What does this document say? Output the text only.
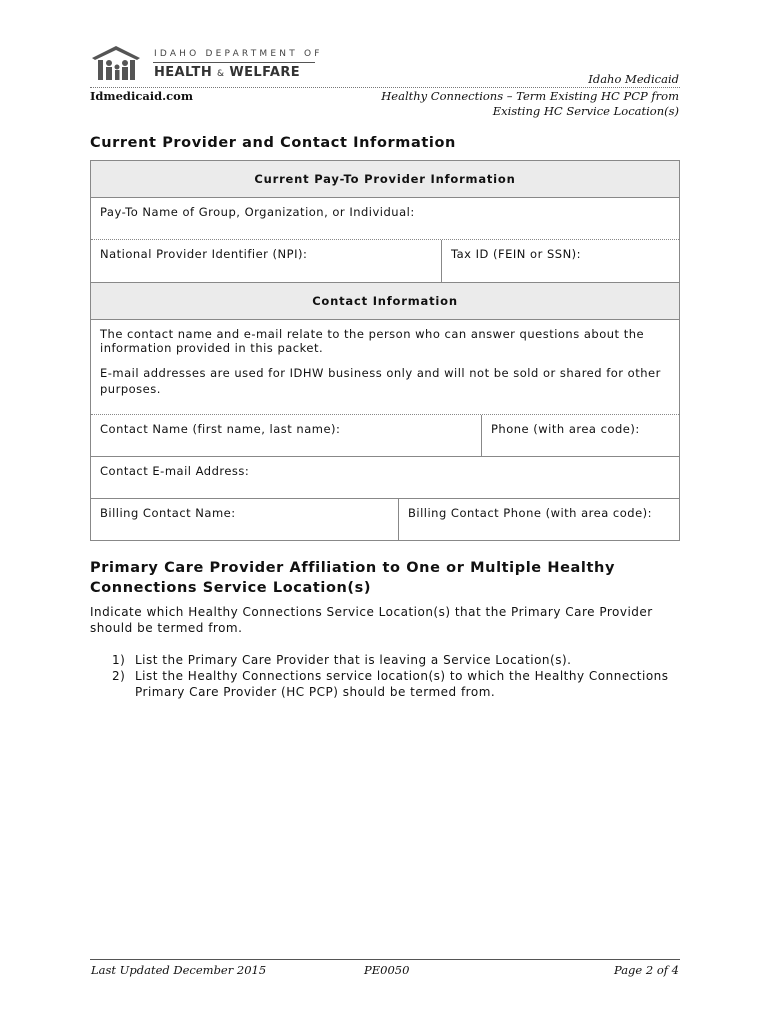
IDAHO DEPARTMENT OF
HEALTH & WELFARE	Idaho Medicaid
Idmedicaid.com	Healthy Connections – Term Existing HC PCP from
Existing HC Service Location(s)
Current Provider and Contact Information
Current Pay-To Provider Information
Pay-To Name of Group, Organization, or Individual:
National Provider Identifier (NPI):	Tax ID (FEIN or SSN):
Contact Information
The contact name and e-mail relate to the person who can answer questions about the information provided in this packet.
E-mail addresses are used for IDHW business only and will not be sold or shared for other purposes.
Contact Name (first name, last name):	Phone (with area code):
Contact E-mail Address:
Billing Contact Name:	Billing Contact Phone (with area code):
Primary Care Provider Affiliation to One or Multiple Healthy
Connections Service Location(s)
Indicate which Healthy Connections Service Location(s) that the Primary Care Provider should be termed from.
1) List the Primary Care Provider that is leaving a Service Location(s).
2) List the Healthy Connections service location(s) to which the Healthy Connections Primary Care Provider (HC PCP) should be termed from.
Last Updated December 2015	PE0050	Page 2 of 4
